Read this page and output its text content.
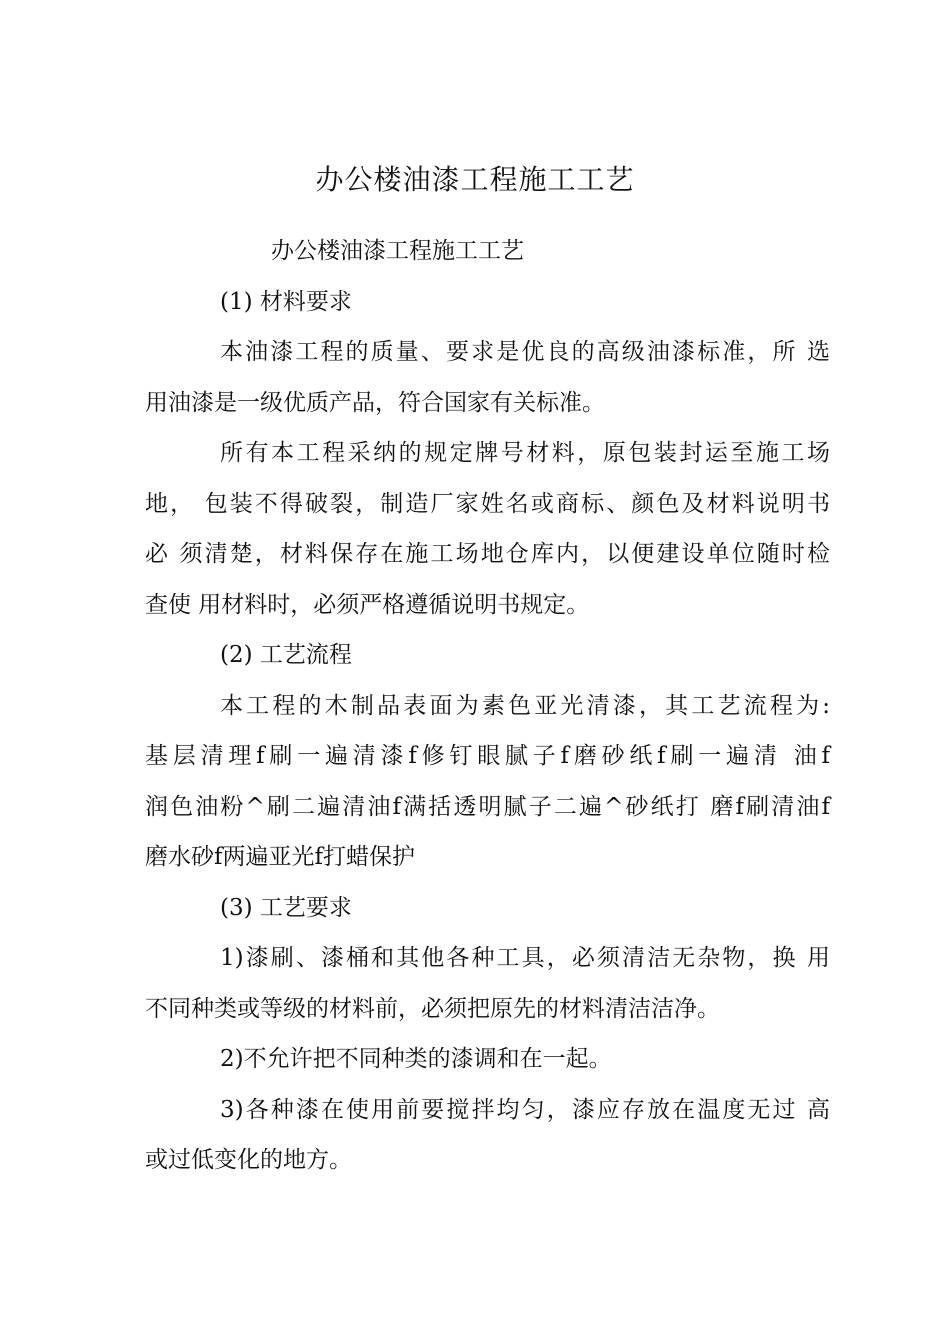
办公楼油漆工程施工工艺

办公楼油漆工程施工工艺

(1) 材料要求

本油漆工程的质量、要求是优良的高级油漆标准，所 选

用油漆是一级优质产品，符合国家有关标准。

所有本工程采纳的规定牌号材料，原包装封运至施工场

地， 包装不得破裂，制造厂家姓名或商标、颜色及材料说明书

必 须清楚，材料保存在施工场地仓库内，以便建设单位随时检

查使 用材料时，必须严格遵循说明书规定。

(2) 工艺流程

本工程的木制品表面为素色亚光清漆，其工艺流程为:

基层清理f刷一遍清漆f修钉眼腻子f磨砂纸f刷一遍清 油f

润色油粉^刷二遍清油f满括透明腻子二遍^砂纸打 磨f刷清油f

磨水砂f两遍亚光f打蜡保护

(3) 工艺要求

1)漆刷、漆桶和其他各种工具，必须清洁无杂物，换 用

不同种类或等级的材料前，必须把原先的材料清洁洁净。

2)不允许把不同种类的漆调和在一起。

3)各种漆在使用前要搅拌均匀，漆应存放在温度无过 高

或过低变化的地方。
